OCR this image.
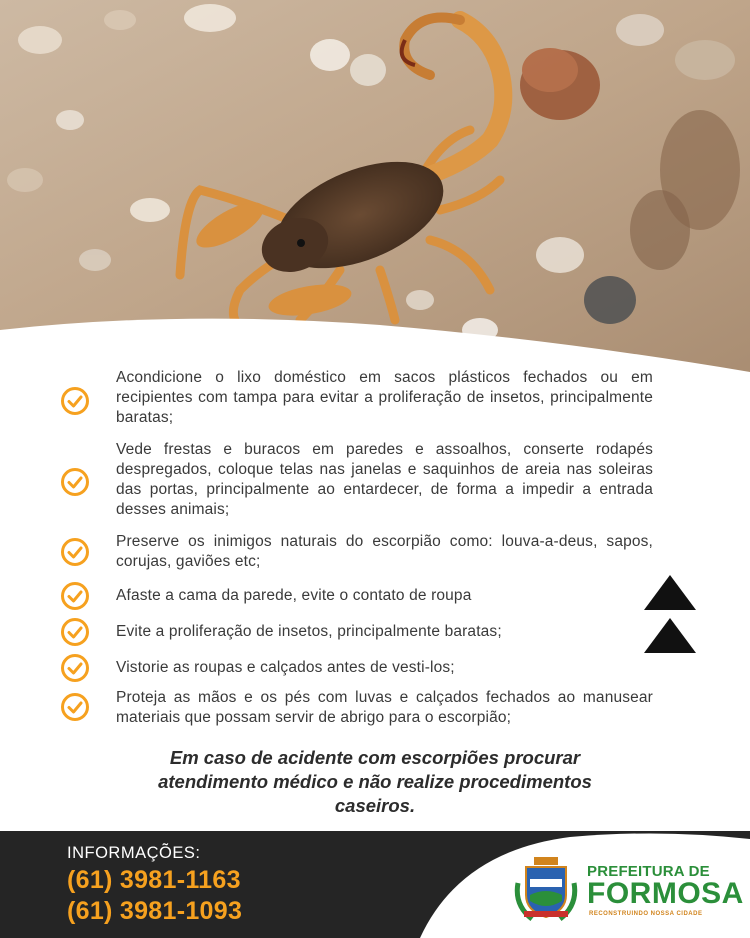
Acondicione o lixo doméstico em sacos plásticos fechados ou em recipientes com tampa para evitar a proliferação de insetos, principalmente baratas;
Vede frestas e buracos em paredes e assoalhos, conserte rodapés despregados, coloque telas nas janelas e saquinhos de areia nas soleiras das portas, principalmente ao entardecer, de forma a impedir a entrada desses animais;
Preserve os inimigos naturais do escorpião como: louva-a-deus, sapos, corujas, gaviões etc;
Afaste a cama da parede, evite o contato de roupa
Evite a proliferação de insetos, principalmente baratas;
Vistorie as roupas e calçados antes de vesti-los;
Proteja as mãos e os pés com luvas e calçados fechados ao manusear materiais que possam servir de abrigo para o escorpião;
Em caso de acidente com escorpiões procurar atendimento médico e não realize procedimentos caseiros.
INFORMAÇÕES:
(61) 3981-1163
(61) 3981-1093
PREFEITURA DE
FORMOSA
RECONSTRUINDO NOSSA CIDADE
